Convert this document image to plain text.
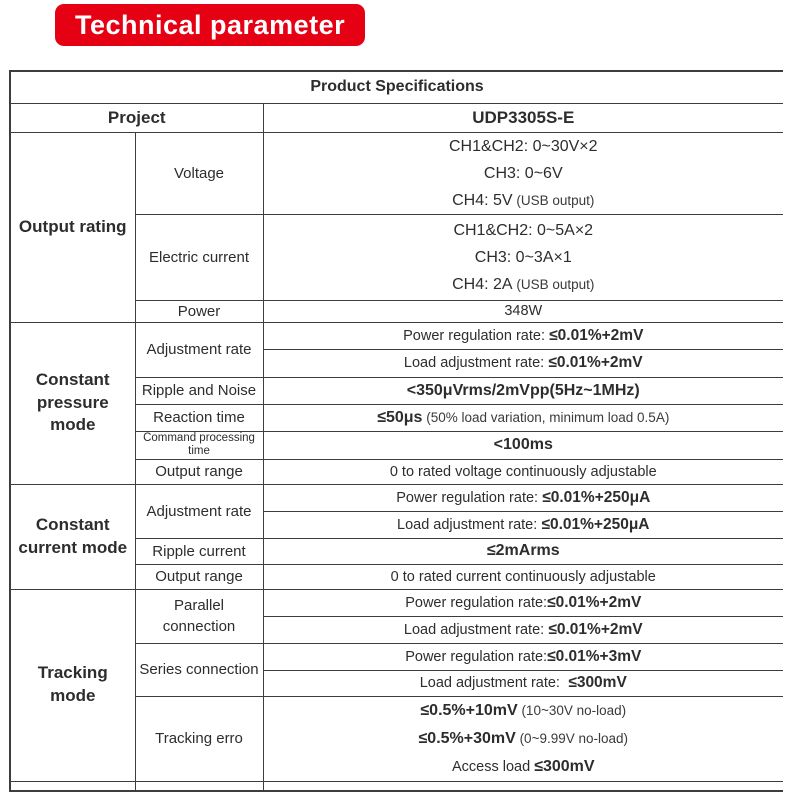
Technical parameter
Product Specifications		
Project		UDP3305S-E
Output rating	Voltage	CH1&CH2: 0~30V×2
CH3: 0~6V
CH4: 5V (USB output)

	Electric current	CH1&CH2: 0~5A×2
CH3: 0~3A×1
CH4: 2A (USB output)

	Power	348W
Constant pressure mode	Adjustment rate	Power regulation rate: ≤0.01%+2mV
		Load adjustment rate: ≤0.01%+2mV
	Ripple and Noise	<350μVrms/2mVpp(5Hz~1MHz)
	Reaction time	≤50μs (50% load variation, minimum load 0.5A)
	Command processing time	<100ms
	Output range	0 to rated voltage continuously adjustable
Constant current mode	Adjustment rate	Power regulation rate: ≤0.01%+250μA
		Load adjustment rate: ≤0.01%+250μA
	Ripple current	≤2mArms
	Output range	0 to rated current continuously adjustable
Tracking mode	Parallel connection	Power regulation rate:≤0.01%+2mV
		Load adjustment rate: ≤0.01%+2mV
	Series connection	Power regulation rate:≤0.01%+3mV
		Load adjustment rate: ≤300mV
	Tracking erro	≤0.5%+10mV (10~30V no-load)
≤0.5%+30mV (0~9.99V no-load)
Access load ≤300mV
